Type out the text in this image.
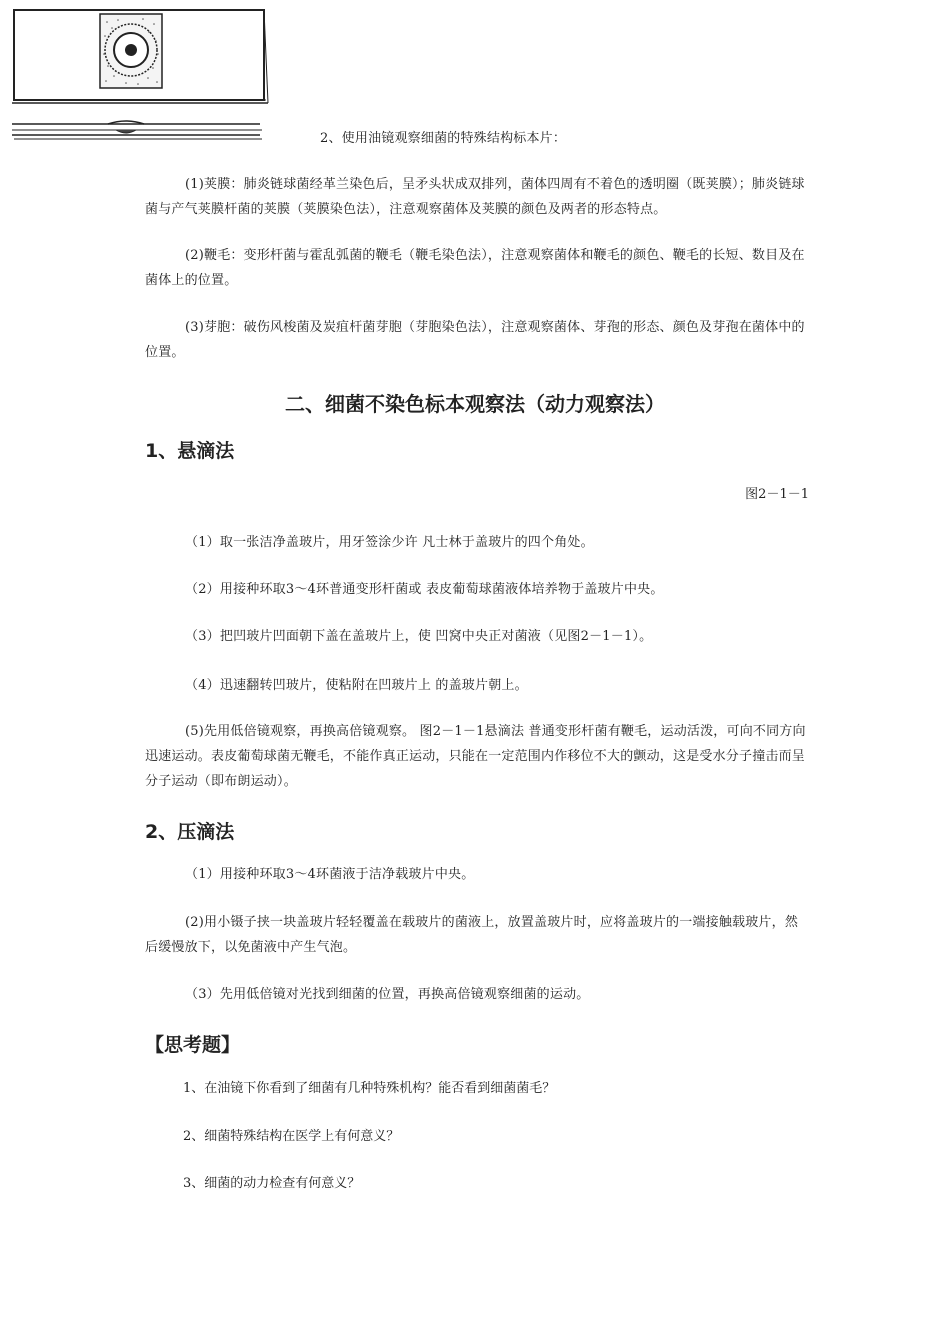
2、使用油镜观察细菌的特殊结构标本片：

(1)荚膜：肺炎链球菌经革兰染色后，呈矛头状成双排列，菌体四周有不着色的透明圈（既荚膜）；肺炎链球菌与产气荚膜杆菌的荚膜（荚膜染色法），注意观察菌体及荚膜的颜色及两者的形态特点。

(2)鞭毛：变形杆菌与霍乱弧菌的鞭毛（鞭毛染色法），注意观察菌体和鞭毛的颜色、鞭毛的长短、数目及在菌体上的位置。

(3)芽胞：破伤风梭菌及炭疽杆菌芽胞（芽胞染色法），注意观察菌体、芽孢的形态、颜色及芽孢在菌体中的位置。

二、细菌不染色标本观察法（动力观察法）
1、悬滴法
图2－1－1

（1）取一张洁净盖玻片，用牙签涂少许 凡士林于盖玻片的四个角处。

（2）用接种环取3～4环普通变形杆菌或 表皮葡萄球菌液体培养物于盖玻片中央。

（3）把凹玻片凹面朝下盖在盖玻片上，使 凹窝中央正对菌液（见图2－1－1）。

（4）迅速翻转凹玻片，使粘附在凹玻片上 的盖玻片朝上。

(5)先用低倍镜观察，再换高倍镜观察。 图2－1－1悬滴法 普通变形杆菌有鞭毛，运动活泼，可向不同方向迅速运动。表皮葡萄球菌无鞭毛，不能作真正运动，只能在一定范围内作移位不大的颤动，这是受水分子撞击而呈分子运动（即布朗运动）。

2、压滴法

（1）用接种环取3～4环菌液于洁净载玻片中央。

(2)用小镊子挟一块盖玻片轻轻覆盖在载玻片的菌液上，放置盖玻片时，应将盖玻片的一端接触载玻片，然后缓慢放下，以免菌液中产生气泡。

（3）先用低倍镜对光找到细菌的位置，再换高倍镜观察细菌的运动。

【思考题】
1、在油镜下你看到了细菌有几种特殊机构？能否看到细菌菌毛？
2、细菌特殊结构在医学上有何意义？
3、细菌的动力检查有何意义？
